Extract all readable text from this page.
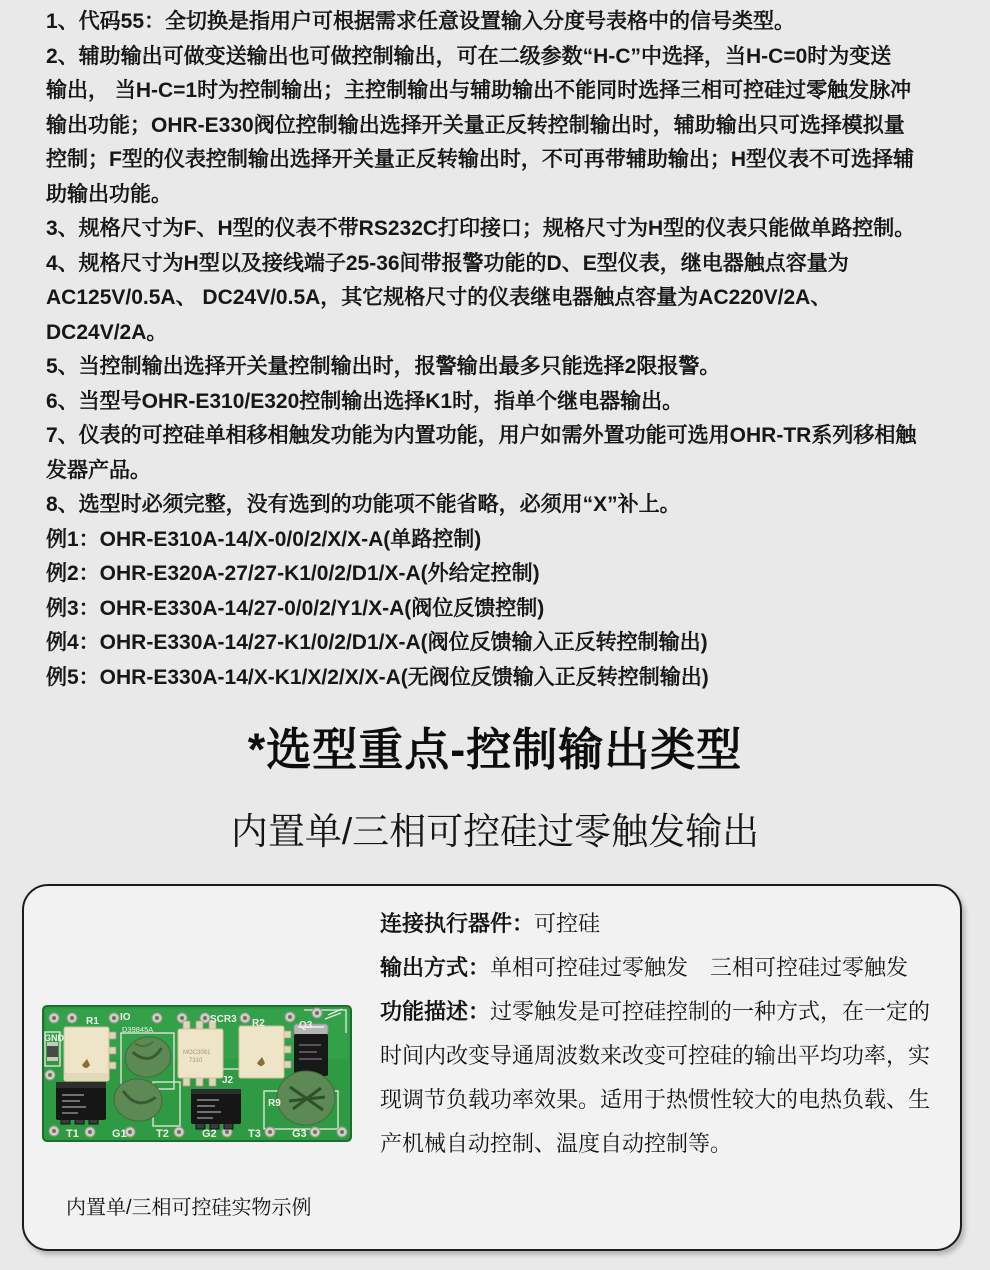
1、代码55：全切换是指用户可根据需求任意设置输入分度号表格中的信号类型。
2、辅助输出可做变送输出也可做控制输出，可在二级参数“H-C”中选择，当H-C=0时为变送
输出， 当H-C=1时为控制输出；主控制输出与辅助输出不能同时选择三相可控硅过零触发脉冲
输出功能；OHR-E330阀位控制输出选择开关量正反转控制输出时，辅助输出只可选择模拟量
控制；F型的仪表控制输出选择开关量正反转输出时，不可再带辅助输出；H型仪表不可选择辅
助输出功能。
3、规格尺寸为F、H型的仪表不带RS232C打印接口；规格尺寸为H型的仪表只能做单路控制。
4、规格尺寸为H型以及接线端子25-36间带报警功能的D、E型仪表，继电器触点容量为
AC125V/0.5A、 DC24V/0.5A，其它规格尺寸的仪表继电器触点容量为AC220V/2A、
DC24V/2A。
5、当控制输出选择开关量控制输出时，报警输出最多只能选择2限报警。
6、当型号OHR-E310/E320控制输出选择K1时，指单个继电器输出。
7、仪表的可控硅单相移相触发功能为内置功能，用户如需外置功能可选用OHR-TR系列移相触
发器产品。
8、选型时必须完整，没有选到的功能项不能省略，必须用“X”补上。
例1：OHR-E310A-14/X-0/0/2/X/X-A(单路控制)
例2：OHR-E320A-27/27-K1/0/2/D1/X-A(外给定控制)
例3：OHR-E330A-14/27-0/0/2/Y1/X-A(阀位反馈控制)
例4：OHR-E330A-14/27-K1/0/2/D1/X-A(阀位反馈输入正反转控制输出)
例5：OHR-E330A-14/X-K1/X/2/X/X-A(无阀位反馈输入正反转控制输出)
*选型重点-控制输出类型
内置单/三相可控硅过零触发输出
连接执行器件：可控硅
输出方式：单相可控硅过零触发　三相可控硅过零触发
功能描述：过零触发是可控硅控制的一种方式，在一定的
时间内改变导通周波数来改变可控硅的输出平均功率，实
现调节负载功率效果。适用于热惯性较大的电热负载、生
产机械自动控制、温度自动控制等。
MOC3061
7310
GND
R1 IO
D39845A
SCR3 R2	Q3
J2
R9
T1	G1	T2	G2	T3	G3
内置单/三相可控硅实物示例
